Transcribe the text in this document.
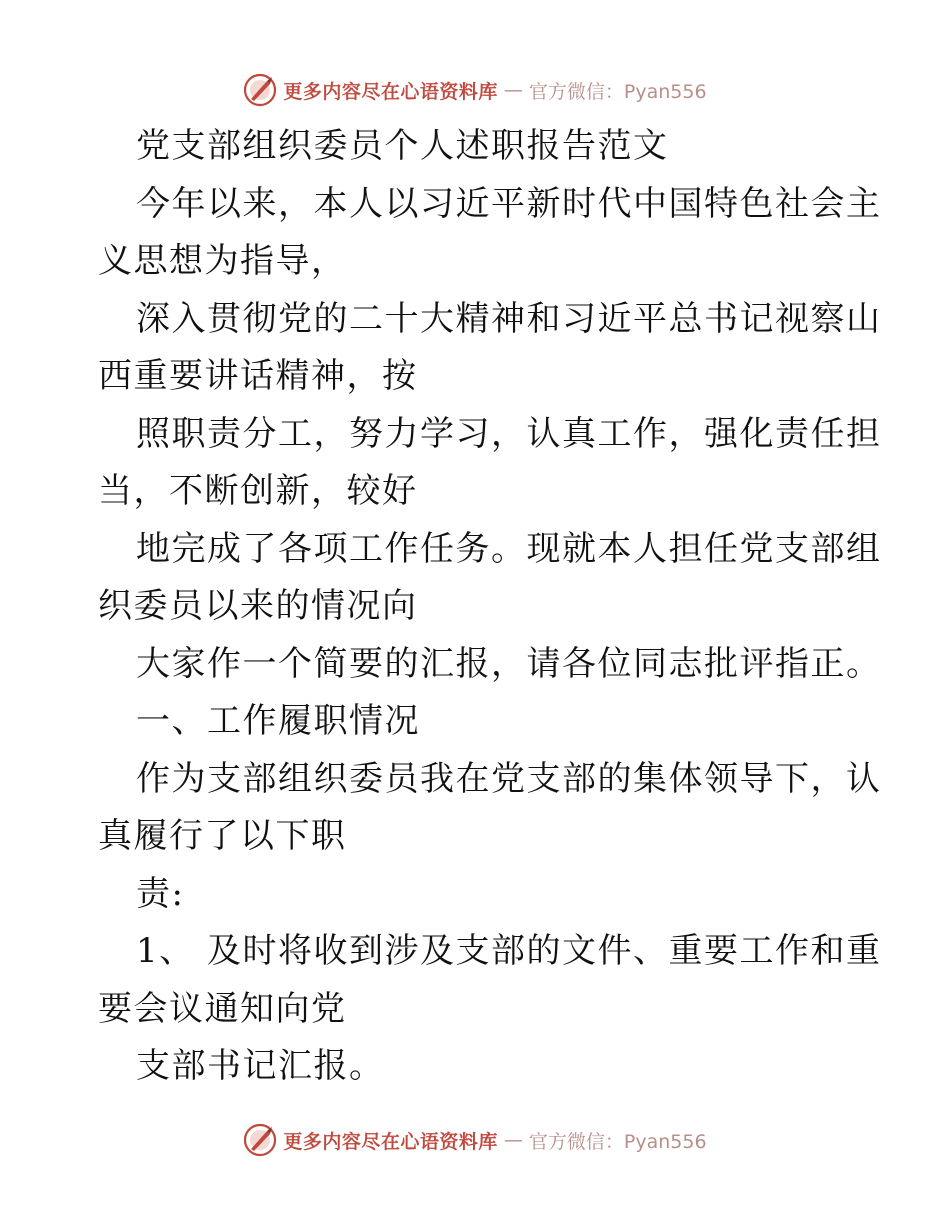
更多内容尽在心语资料库 — 官方微信：Pyan556
党支部组织委员个人述职报告范文
今年以来，本人以习近平新时代中国特色社会主
义思想为指导，
深入贯彻党的二十大精神和习近平总书记视察山
西重要讲话精神，按
照职责分工，努力学习，认真工作，强化责任担
当，不断创新，较好
地完成了各项工作任务。现就本人担任党支部组
织委员以来的情况向
大家作一个简要的汇报，请各位同志批评指正。
一、工作履职情况
作为支部组织委员我在党支部的集体领导下，认
真履行了以下职
责:
1、 及时将收到涉及支部的文件、重要工作和重
要会议通知向党
支部书记汇报。
更多内容尽在心语资料库 — 官方微信：Pyan556
